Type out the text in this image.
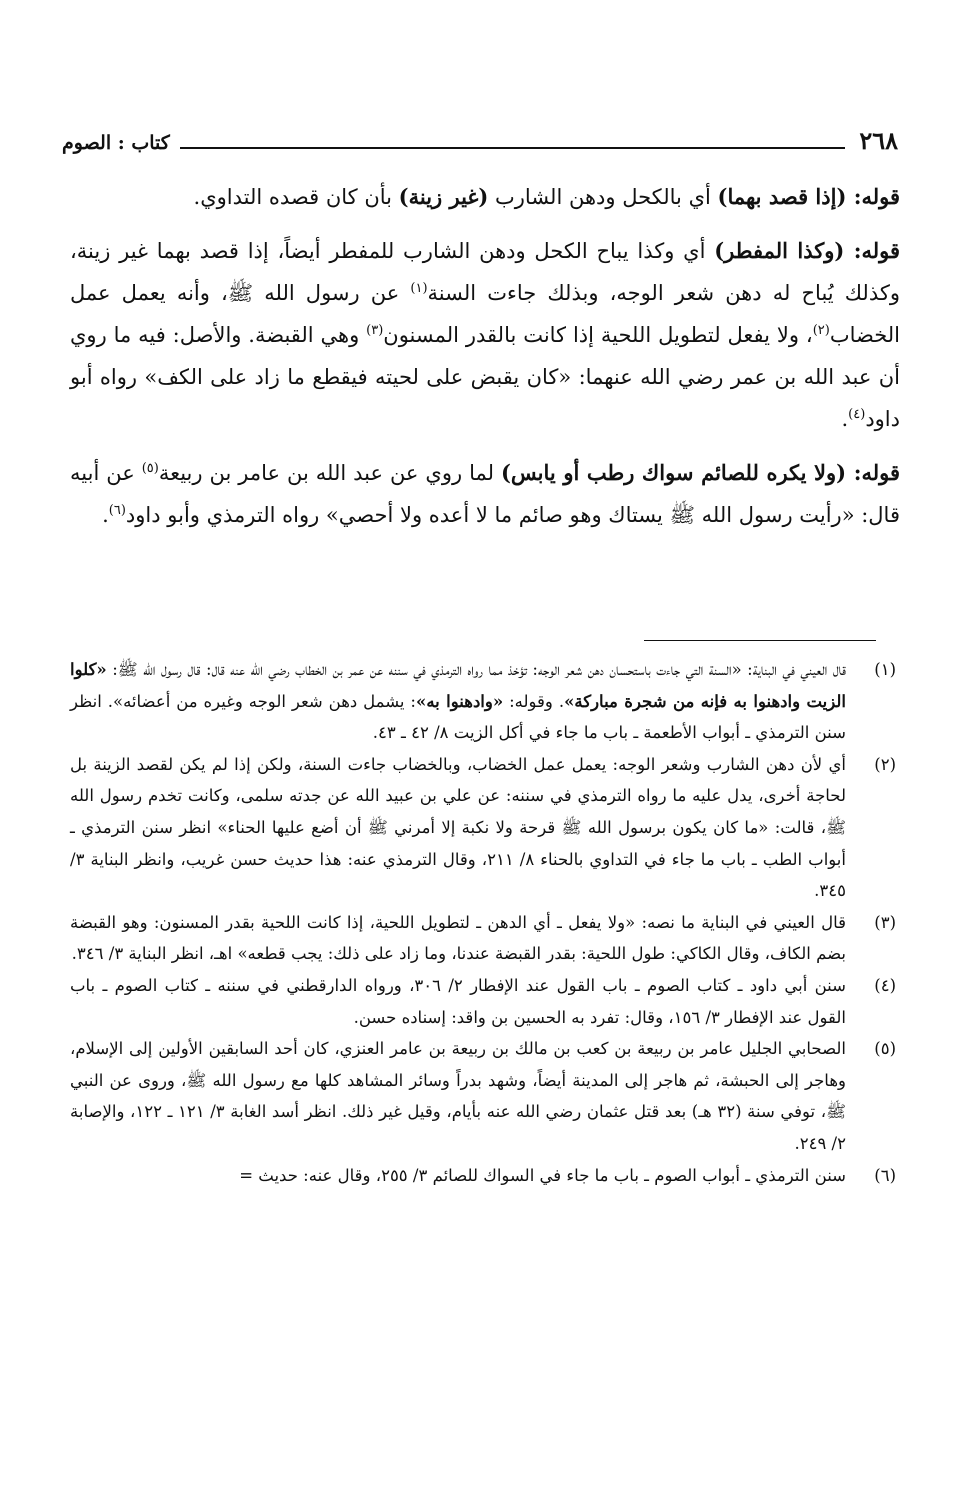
٢٦٨
كتاب : الصوم

قوله: (إذا قصد بهما) أي بالكحل ودهن الشارب (غير زينة) بأن كان قصده التداوي.

قوله: (وكذا المفطر) أي وكذا يباح الكحل ودهن الشارب للمفطر أيضاً، إذا قصد بهما غير زينة، وكذلك يُباح له دهن شعر الوجه، وبذلك جاءت السنة$^{(١)}$ عن رسول الله ﷺ، وأنه يعمل عمل الخضاب$^{(٢)}$، ولا يفعل لتطويل اللحية إذا كانت بالقدر المسنون$^{(٣)}$ وهي القبضة. والأصل: فيه ما روي أن عبد الله بن عمر رضي الله عنهما: «كان يقبض على لحيته فيقطع ما زاد على الكف» رواه أبو داود$^{(٤)}$.

قوله: (ولا يكره للصائم سواك رطب أو يابس) لما روي عن عبد الله بن عامر بن ربيعة$^{(٥)}$ عن أبيه قال: «رأيت رسول الله ﷺ يستاك وهو صائم ما لا أعده ولا أحصي» رواه الترمذي وأبو داود$^{(٦)}$.

(١)
قال العيني في البناية: «السنة التي جاءت باستحسان دهن شعر الوجه: تؤخذ مما رواه الترمذي في سننه عن عمر بن الخطاب رضي الله عنه قال: قال رسول الله ﷺ: «كلوا الزيت وادهنوا به فإنه من شجرة مباركة». وقوله: «وادهنوا به»: يشمل دهن شعر الوجه وغيره من أعضائه». انظر سنن الترمذي ـ أبواب الأطعمة ـ باب ما جاء في أكل الزيت ٨/ ٤٢ ـ ٤٣.
(٢)
أي لأن دهن الشارب وشعر الوجه: يعمل عمل الخضاب، وبالخضاب جاءت السنة، ولكن إذا لم يكن لقصد الزينة بل لحاجة أخرى، يدل عليه ما رواه الترمذي في سننه: عن علي بن عبيد الله عن جدته سلمى، وكانت تخدم رسول الله ﷺ، قالت: «ما كان يكون برسول الله ﷺ قرحة ولا نكبة إلا أمرني ﷺ أن أضع عليها الحناء» انظر سنن الترمذي ـ أبواب الطب ـ باب ما جاء في التداوي بالحناء ٨/ ٢١١، وقال الترمذي عنه: هذا حديث حسن غريب، وانظر البناية ٣/ ٣٤٥.
(٣)
قال العيني في البناية ما نصه: «ولا يفعل ـ أي الدهن ـ لتطويل اللحية، إذا كانت اللحية بقدر المسنون: وهو القبضة بضم الكاف، وقال الكاكي: طول اللحية: بقدر القبضة عندنا، وما زاد على ذلك: يجب قطعه» اهـ، انظر البناية ٣/ ٣٤٦.
(٤)
سنن أبي داود ـ كتاب الصوم ـ باب القول عند الإفطار ٢/ ٣٠٦، ورواه الدارقطني في سننه ـ كتاب الصوم ـ باب القول عند الإفطار ٣/ ١٥٦، وقال: تفرد به الحسين بن واقد: إسناده حسن.
(٥)
الصحابي الجليل عامر بن ربيعة بن كعب بن مالك بن ربيعة بن عامر العنزي، كان أحد السابقين الأولين إلى الإسلام، وهاجر إلى الحبشة، ثم هاجر إلى المدينة أيضاً، وشهد بدراً وسائر المشاهد كلها مع رسول الله ﷺ، وروى عن النبي ﷺ، توفي سنة (٣٢ هـ) بعد قتل عثمان رضي الله عنه بأيام، وقيل غير ذلك. انظر أسد الغابة ٣/ ١٢١ ـ ١٢٢، والإصابة ٢/ ٢٤٩.
(٦)
سنن الترمذي ـ أبواب الصوم ـ باب ما جاء في السواك للصائم ٣/ ٢٥٥، وقال عنه: حديث =
